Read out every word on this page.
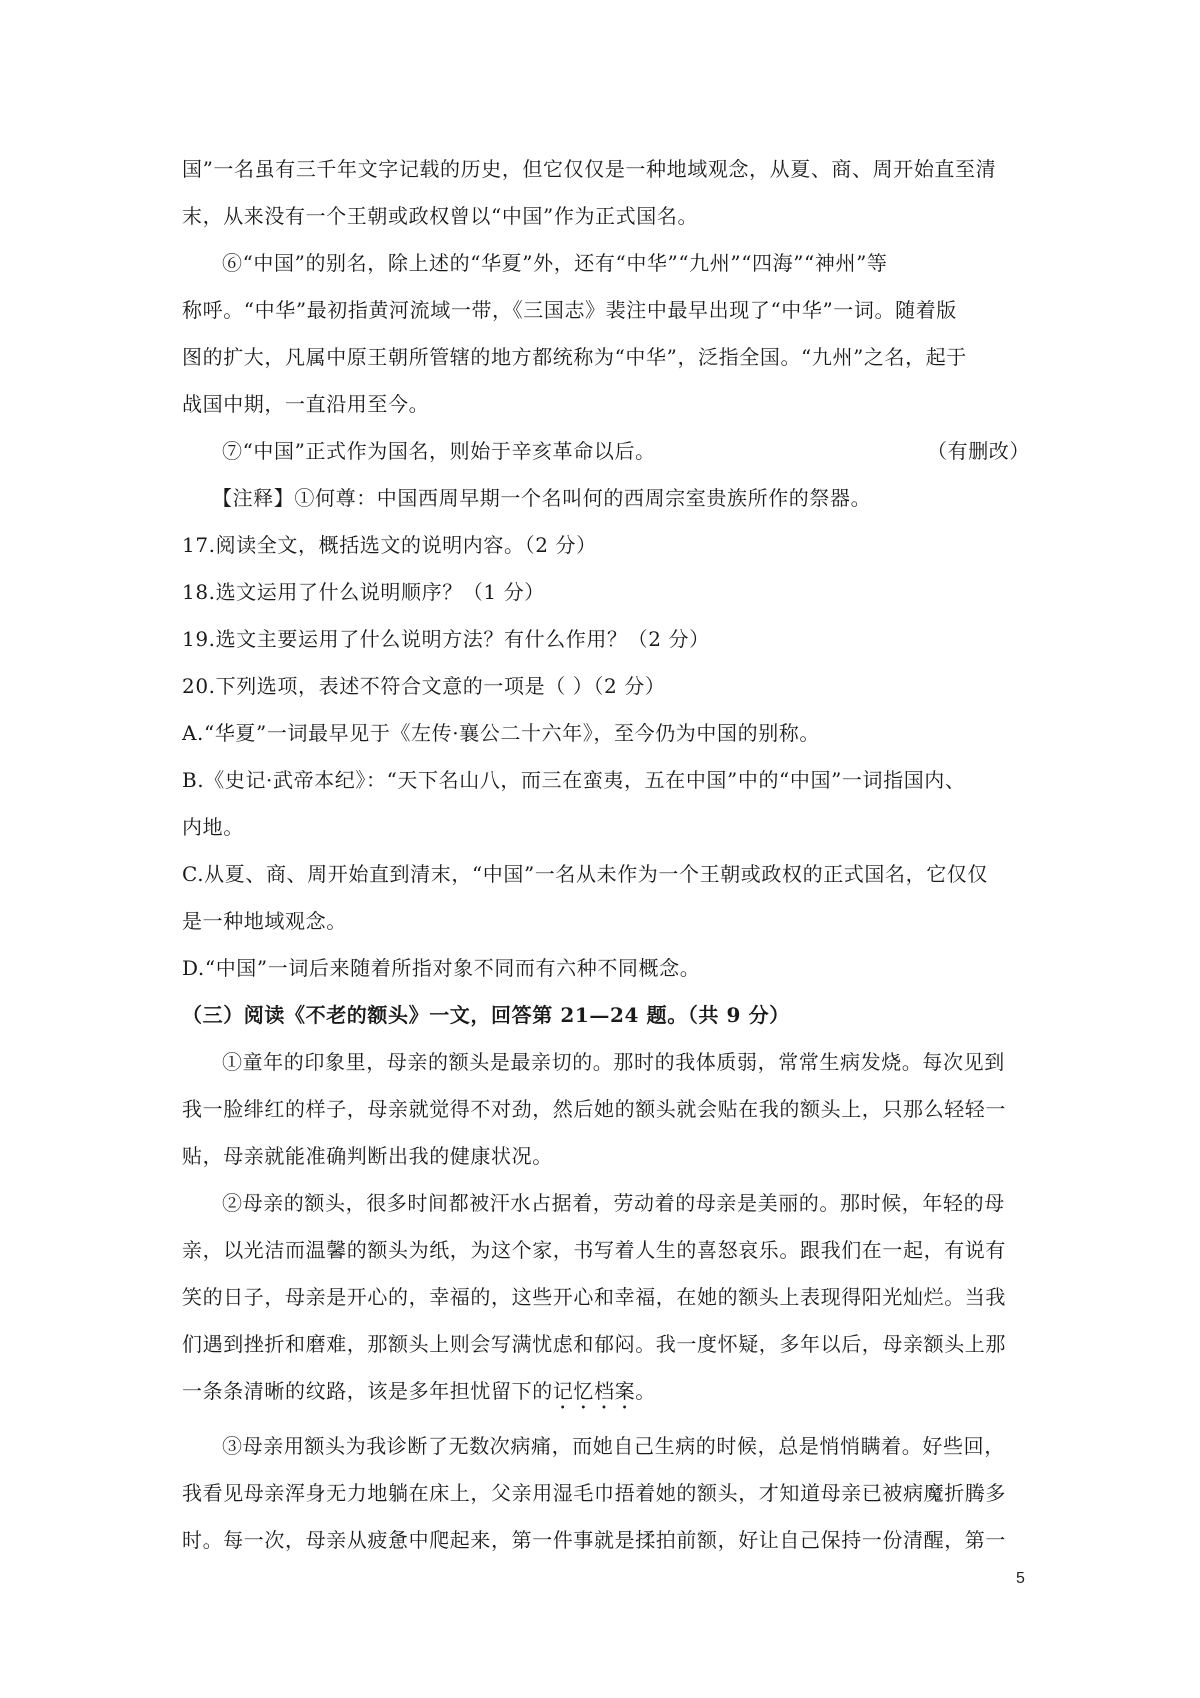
国”一名虽有三千年文字记载的历史，但它仅仅是一种地域观念，从夏、商、周开始直至清
末，从来没有一个王朝或政权曾以“中国”作为正式国名。
⑥“中国”的别名，除上述的“华夏”外，还有“中华”“九州”“四海”“神州”等
称呼。“中华”最初指黄河流域一带，《三国志》裴注中最早出现了“中华”一词。随着版
图的扩大，凡属中原王朝所管辖的地方都统称为“中华”，泛指全国。“九州”之名，起于
战国中期，一直沿用至今。
⑦“中国”正式作为国名，则始于辛亥革命以后。	（有删改）
【注释】①何尊：中国西周早期一个名叫何的西周宗室贵族所作的祭器。
17.阅读全文，概括选文的说明内容。（2 分）
18.选文运用了什么说明顺序？（1 分）
19.选文主要运用了什么说明方法？有什么作用？（2 分）
20.下列选项，表述不符合文意的一项是（ ）（2 分）
A.“华夏”一词最早见于《左传·襄公二十六年》，至今仍为中国的别称。
B.《史记·武帝本纪》：“天下名山八，而三在蛮夷，五在中国”中的“中国”一词指国内、
内地。
C.从夏、商、周开始直到清末，“中国”一名从未作为一个王朝或政权的正式国名，它仅仅
是一种地域观念。
D.“中国”一词后来随着所指对象不同而有六种不同概念。
（三）阅读《不老的额头》一文，回答第 21—24 题。（共 9 分）
①童年的印象里，母亲的额头是最亲切的。那时的我体质弱，常常生病发烧。每次见到
我一脸绯红的样子，母亲就觉得不对劲，然后她的额头就会贴在我的额头上，只那么轻轻一
贴，母亲就能准确判断出我的健康状况。
②母亲的额头，很多时间都被汗水占据着，劳动着的母亲是美丽的。那时候，年轻的母
亲，以光洁而温馨的额头为纸，为这个家，书写着人生的喜怒哀乐。跟我们在一起，有说有
笑的日子，母亲是开心的，幸福的，这些开心和幸福，在她的额头上表现得阳光灿烂。当我
们遇到挫折和磨难，那额头上则会写满忧虑和郁闷。我一度怀疑，多年以后，母亲额头上那
一条条清晰的纹路，该是多年担忧留下的记忆档案。
③母亲用额头为我诊断了无数次病痛，而她自己生病的时候，总是悄悄瞒着。好些回，
我看见母亲浑身无力地躺在床上，父亲用湿毛巾捂着她的额头，才知道母亲已被病魔折腾多
时。每一次，母亲从疲惫中爬起来，第一件事就是揉拍前额，好让自己保持一份清醒，第一
5
